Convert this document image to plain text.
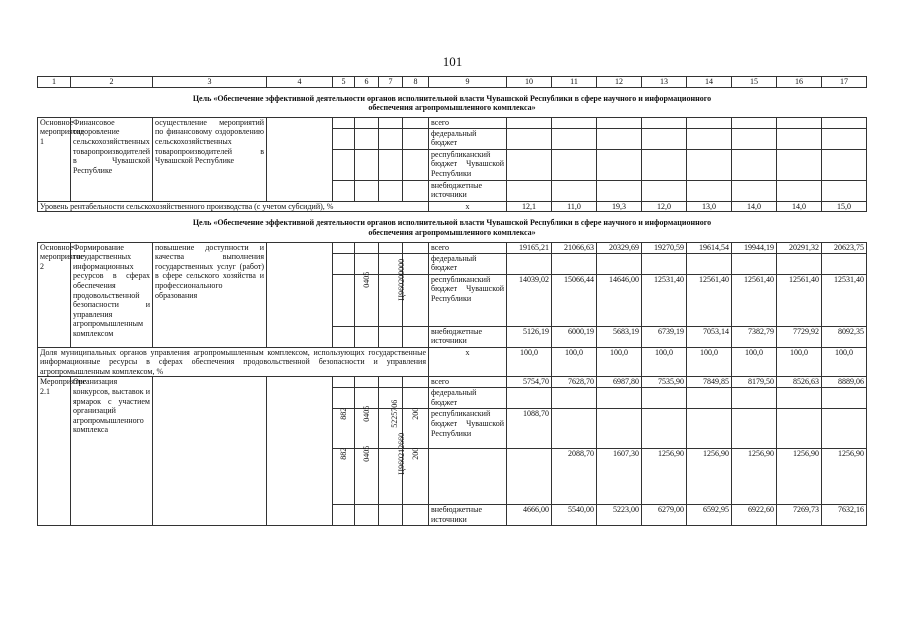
101
1	2	3	4	5	6	7	8	9	10	11	12	13	14	15	16	17
Цель «Обеспечение эффективной деятельности органов исполнительной власти Чувашской Республики в сфере научного и информационного обеспечения агропромышленного комплекса»																
Основное мероприятие 1	Финансовое оздоровление сельскохозяйственных товаропроизводителей в Чувашской Республике	осуществление мероприятий по финансовому оздоровлению сельскохозяйственных товаропроизводителей в Чувашской Республике						всего								
								федеральный бюджет								
								республиканский бюджет Чувашской Республики								
								внебюджетные источники								
Уровень рентабельности сельскохозяйственного производства (с учетом субсидий), %								х	12,1	11,0	19,3	12,0	13,0	14,0	14,0	15,0
Цель «Обеспечение эффективной деятельности органов исполнительной власти Чувашской Республики в сфере научного и информационного обеспечения агропромышленного комплекса»																
Основное мероприятие 2	Формирование государственных информационных ресурсов в сферах обеспечения продовольственной безопасности и управления агропромышленным комплексом	повышение доступности и качества выполнения государственных услуг (работ) в сфере сельского хозяйства и профессионального образования						всего	19165,21	21066,63	20329,69	19270,59	19614,54	19944,19	20291,32	20623,75
								федеральный бюджет								
					0405	Ц960200000		республиканский бюджет Чувашской Республики	14039,02	15066,44	14646,00	12531,40	12561,40	12561,40	12561,40	12531,40
								внебюджетные источники	5126,19	6000,19	5683,19	6739,19	7053,14	7382,79	7729,92	8092,35
Доля муниципальных органов управления агропромышленным комплексом, использующих государственные информационные ресурсы в сферах обеспечения продовольственной безопасности и управления агропромышленным комплексом, %								х	100,0	100,0	100,0	100,0	100,0	100,0	100,0	100,0
Мероприятие 2.1	Организация конкурсов, выставок и ярмарок с участием организаций агропромышленного комплекса							всего	5754,70	7628,70	6987,80	7535,90	7849,85	8179,50	8526,63	8889,06
								федеральный бюджет								
				882	0405	5225706	200	республиканский бюджет Чувашской Республики	1088,70							
				882	0405	Ц960212660	200			2088,70	1607,30	1256,90	1256,90	1256,90	1256,90	1256,90
								внебюджетные источники	4666,00	5540,00	5223,00	6279,00	6592,95	6922,60	7269,73	7632,16
